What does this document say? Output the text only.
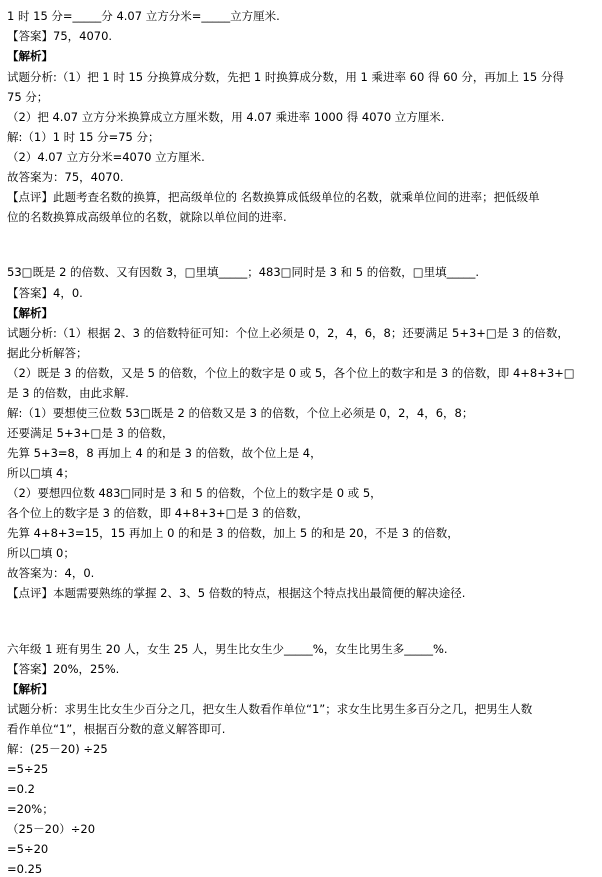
1 时 15 分=_____分 4.07 立方分米=_____立方厘米.
【答案】75，4070.
【解析】
试题分析:（1）把 1 时 15 分换算成分数，先把 1 时换算成分数，用 1 乘进率 60 得 60 分，再加上 15 分得
75 分；
（2）把 4.07 立方分米换算成立方厘米数，用 4.07 乘进率 1000 得 4070 立方厘米.
解:（1）1 时 15 分=75 分；
（2）4.07 立方分米=4070 立方厘米.
故答案为：75，4070.
【点评】此题考查名数的换算，把高级单位的 名数换算成低级单位的名数，就乘单位间的进率；把低级单
位的名数换算成高级单位的名数，就除以单位间的进率.
53□既是 2 的倍数、又有因数 3，□里填_____；483□同时是 3 和 5 的倍数，□里填_____.
【答案】4，0.
【解析】
试题分析:（1）根据 2、3 的倍数特征可知：个位上必须是 0，2，4，6，8；还要满足 5+3+□是 3 的倍数，
据此分析解答；
（2）既是 3 的倍数，又是 5 的倍数，个位上的数字是 0 或 5，各个位上的数字和是 3 的倍数，即 4+8+3+□
是 3 的倍数，由此求解.
解:（1）要想使三位数 53□既是 2 的倍数又是 3 的倍数，个位上必须是 0，2，4，6，8；
还要满足 5+3+□是 3 的倍数，
先算 5+3=8，8 再加上 4 的和是 3 的倍数，故个位上是 4，
所以□填 4；
（2）要想四位数 483□同时是 3 和 5 的倍数，个位上的数字是 0 或 5，
各个位上的数字是 3 的倍数，即 4+8+3+□是 3 的倍数，
先算 4+8+3=15，15 再加上 0 的和是 3 的倍数，加上 5 的和是 20，不是 3 的倍数，
所以□填 0；
故答案为：4，0.
【点评】本题需要熟练的掌握 2、3、5 倍数的特点，根据这个特点找出最简便的解决途径.
六年级 1 班有男生 20 人，女生 25 人，男生比女生少_____%，女生比男生多_____%.
【答案】20%，25%.
【解析】
试题分析：求男生比女生少百分之几，把女生人数看作单位“1”；求女生比男生多百分之几，把男生人数
看作单位“1”，根据百分数的意义解答即可.
解：(25－20) ÷25
=5÷25
=0.2
=20%；
（25－20）÷20
=5÷20
=0.25
